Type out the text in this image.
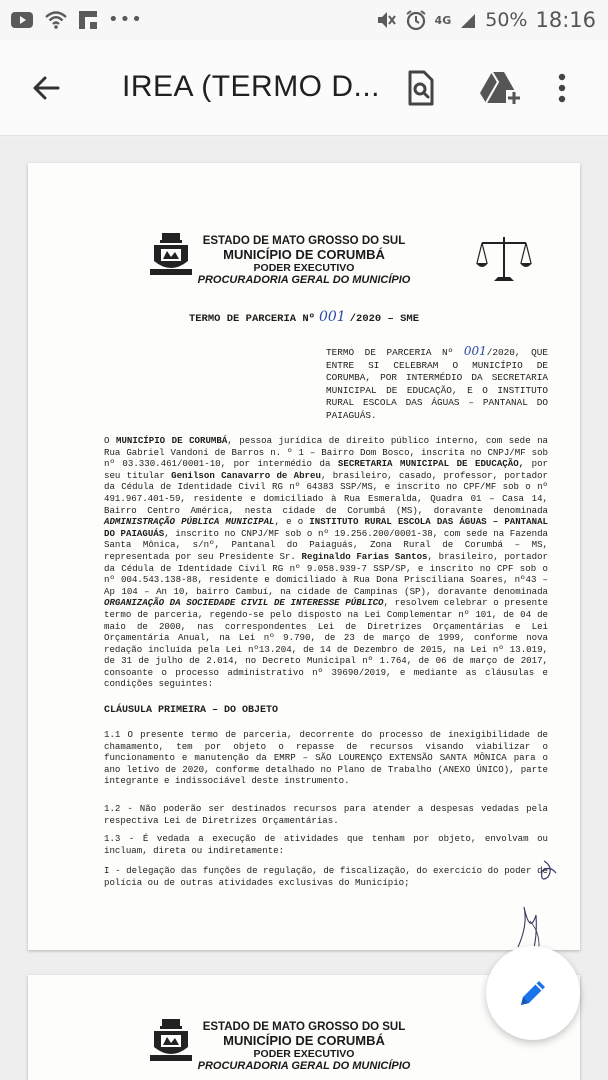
•••	4G 50% 18:16
IREA (TERMO D...
ESTADO DE MATO GROSSO DO SUL
MUNICÍPIO DE CORUMBÁ
PODER EXECUTIVO
PROCURADORIA GERAL DO MUNICÍPIO
TERMO DE PARCERIA Nº 001 /2020 – SME
TERMO DE PARCERIA Nº 001/2020, QUE ENTRE SI CELEBRAM O MUNICÍPIO DE CORUMBA, POR INTERMÉDIO DA SECRETARIA MUNICIPAL DE EDUCAÇÃO, E O INSTITUTO RURAL ESCOLA DAS ÁGUAS – PANTANAL DO PAIAGUÁS.
O MUNICÍPIO DE CORUMBÁ, pessoa jurídica de direito público interno, com sede na Rua Gabriel Vandoni de Barros n. º 1 – Bairro Dom Bosco, inscrita no CNPJ/MF sob nº 03.330.461/0001-10, por intermédio da SECRETARIA MUNICIPAL DE EDUCAÇÃO, por seu titular Genilson Canavarro de Abreu, brasileiro, casado, professor, portador da Cédula de Identidade Civil RG nº 64383 SSP/MS, e inscrito no CPF/MF sob o nº 491.967.401-59, residente e domiciliado à Rua Esmeralda, Quadra 01 – Casa 14, Bairro Centro América, nesta cidade de Corumbá (MS), doravante denominada ADMINISTRAÇÃO PÚBLICA MUNICIPAL, e o INSTITUTO RURAL ESCOLA DAS ÁGUAS – PANTANAL DO PAIAGUÁS, inscrito no CNPJ/MF sob o nº 19.256.200/0001-38, com sede na Fazenda Santa Mônica, s/nº, Pantanal do Paiaguás, Zona Rural de Corumbá – MS, representada por seu Presidente Sr. Reginaldo Farias Santos, brasileiro, portador da Cédula de Identidade Civil RG nº 9.058.939-7 SSP/SP, e inscrito no CPF sob o nº 004.543.138-88, residente e domiciliado à Rua Dona Prisciliana Soares, nº43 – Ap 104 – An 10, bairro Cambuí, na cidade de Campinas (SP), doravante denominada ORGANIZAÇÃO DA SOCIEDADE CIVIL DE INTERESSE PÚBLICO, resolvem celebrar o presente termo de parceria, regendo-se pelo disposto na Lei Complementar nº 101, de 04 de maio de 2000, nas correspondentes Lei de Diretrizes Orçamentárias e Lei Orçamentária Anual, na Lei nº 9.790, de 23 de março de 1999, conforme nova redação incluída pela Lei nº13.204, de 14 de Dezembro de 2015, na Lei nº 13.019, de 31 de julho de 2.014, no Decreto Municipal nº 1.764, de 06 de março de 2017, consoante o processo administrativo nº 39690/2019, e mediante as cláusulas e condições seguintes:
CLÁUSULA PRIMEIRA – DO OBJETO
1.1 O presente termo de parceria, decorrente do processo de inexigibilidade de chamamento, tem por objeto o repasse de recursos visando viabilizar o funcionamento e manutenção da EMRP – SÃO LOURENÇO EXTENSÃO SANTA MÔNICA para o ano letivo de 2020, conforme detalhado no Plano de Trabalho (ANEXO ÚNICO), parte integrante e indissociável deste instrumento.
1.2 - Não poderão ser destinados recursos para atender a despesas vedadas pela respectiva Lei de Diretrizes Orçamentárias.
1.3 - É vedada a execução de atividades que tenham por objeto, envolvam ou incluam, direta ou indiretamente:
I - delegação das funções de regulação, de fiscalização, do exercício do poder de polícia ou de outras atividades exclusivas do Município;
ESTADO DE MATO GROSSO DO SUL
MUNICÍPIO DE CORUMBÁ
PODER EXECUTIVO
PROCURADORIA GERAL DO MUNICÍPIO
